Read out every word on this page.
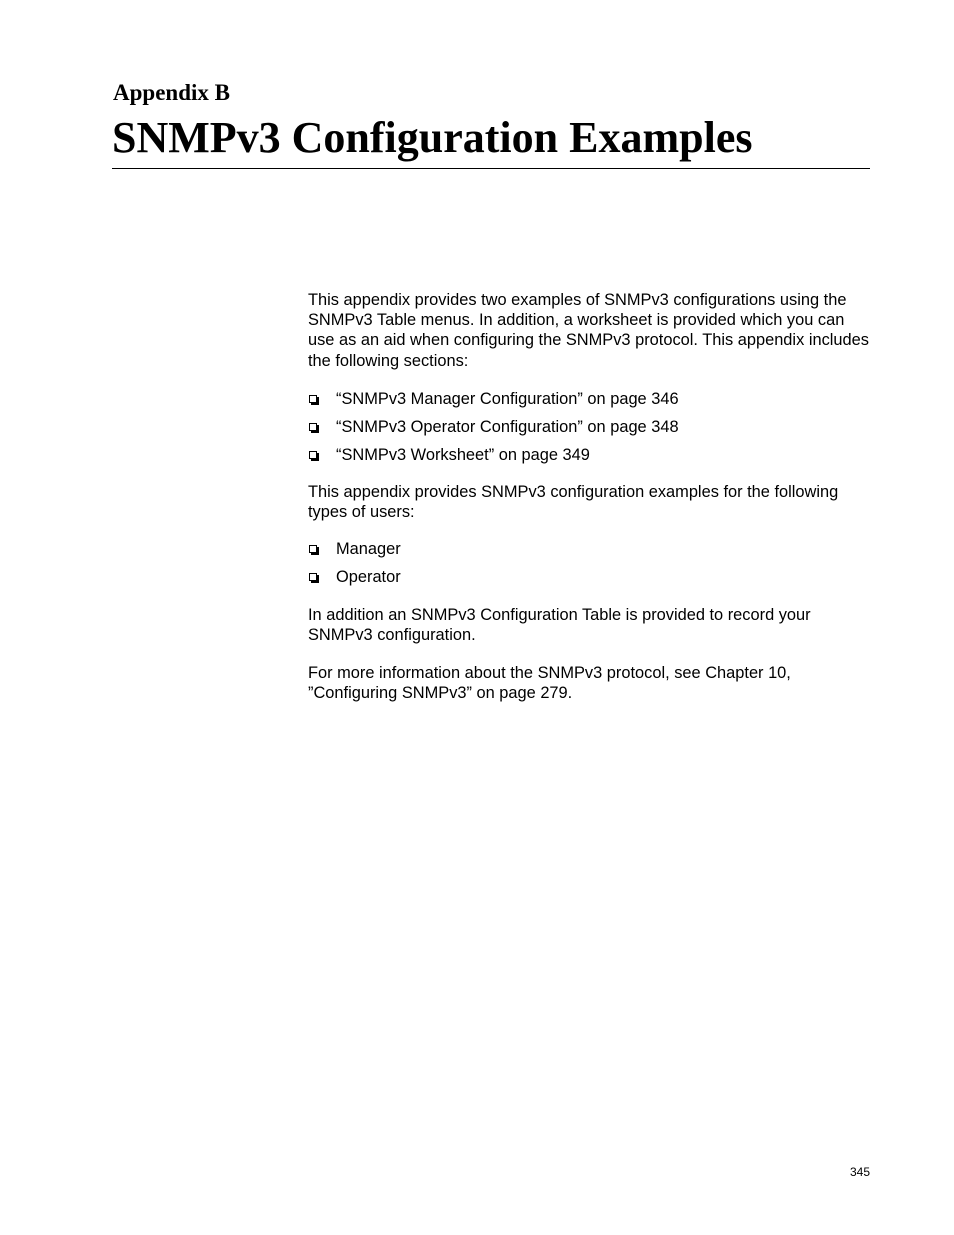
Appendix B
SNMPv3 Configuration Examples

This appendix provides two examples of SNMPv3 configurations using the SNMPv3 Table menus. In addition, a worksheet is provided which you can use as an aid when configuring the SNMPv3 protocol. This appendix includes the following sections:

“SNMPv3 Manager Configuration” on page 346
“SNMPv3 Operator Configuration” on page 348
“SNMPv3 Worksheet” on page 349

This appendix provides SNMPv3 configuration examples for the following types of users:

Manager
Operator

In addition an SNMPv3 Configuration Table is provided to record your SNMPv3 configuration.

For more information about the SNMPv3 protocol, see Chapter 10, ”Configuring SNMPv3” on page 279.

345
